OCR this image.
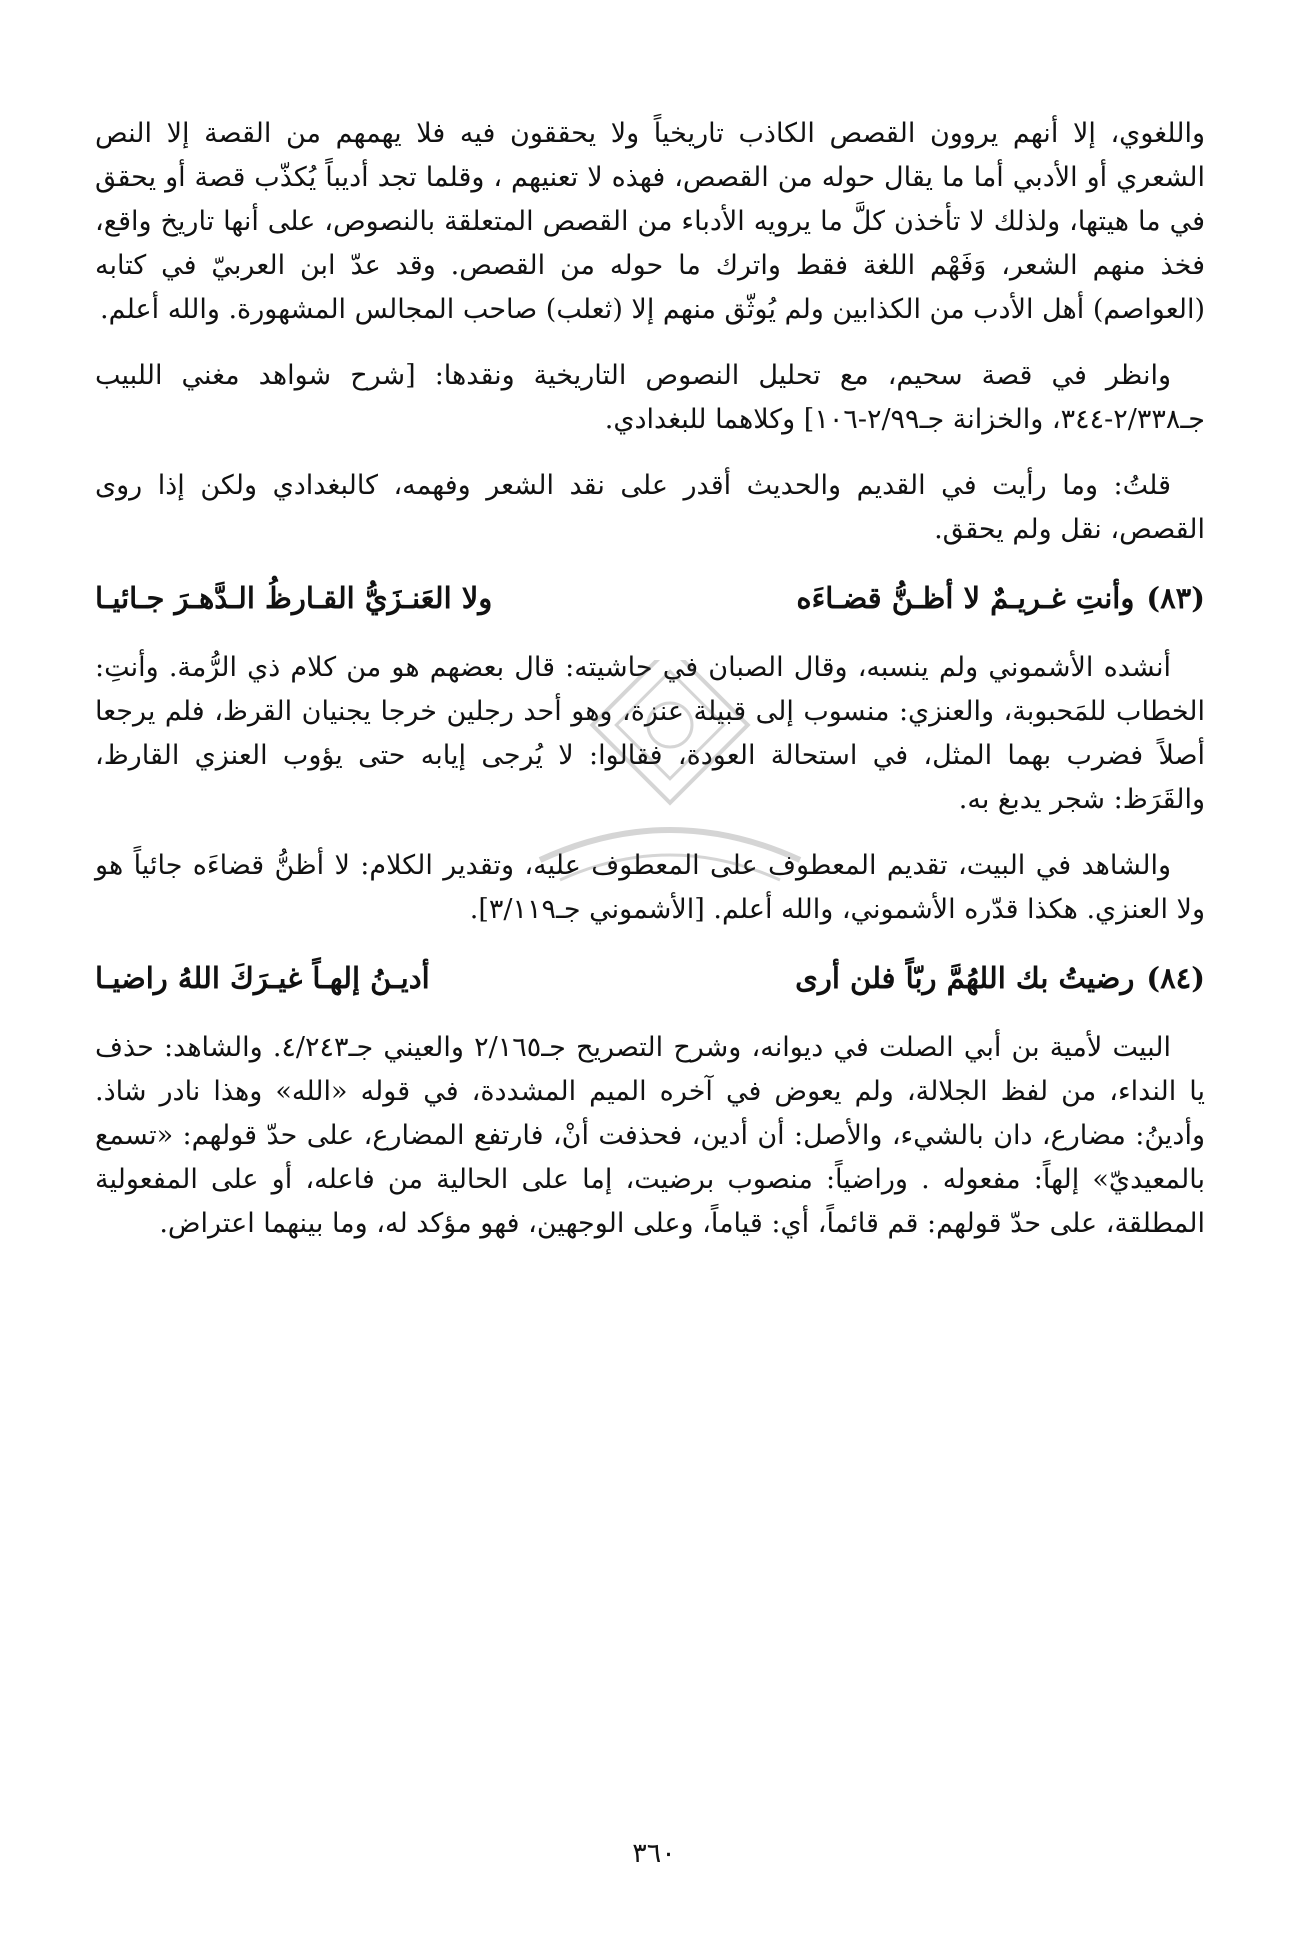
واللغوي، إلا أنهم يروون القصص الكاذب تاريخياً ولا يحققون فيه فلا يهمهم من القصة إلا النص الشعري أو الأدبي أما ما يقال حوله من القصص، فهذه لا تعنيهم ، وقلما تجد أديباً يُكذّب قصة أو يحقق في ما هيتها، ولذلك لا تأخذن كلَّ ما يرويه الأدباء من القصص المتعلقة بالنصوص، على أنها تاريخ واقع، فخذ منهم الشعر، وَفَهْم اللغة فقط واترك ما حوله من القصص. وقد عدّ ابن العربيّ في كتابه (العواصم) أهل الأدب من الكذابين ولم يُوثّق منهم إلا (ثعلب) صاحب المجالس المشهورة. والله أعلم.

وانظر في قصة سحيم، مع تحليل النصوص التاريخية ونقدها: [شرح شواهد مغني اللبيب جـ٢/٣٣٨-٣٤٤، والخزانة جـ٢/٩٩-١٠٦] وكلاهما للبغدادي.

قلتُ: وما رأيت في القديم والحديث أقدر على نقد الشعر وفهمه، كالبغدادي ولكن إذا روى القصص، نقل ولم يحقق.

(٨٣)
وأنتِ غـريـمٌ لا أظـنُّ قضـاءَه
ولا العَنـزَيُّ القـارظُ الـدَّهـرَ جـائيـا

أنشده الأشموني ولم ينسبه، وقال الصبان في حاشيته: قال بعضهم هو من كلام ذي الرُّمة. وأنتِ: الخطاب للمَحبوبة، والعنزي: منسوب إلى قبيلة عنزة، وهو أحد رجلين خرجا يجنيان القرظ، فلم يرجعا أصلاً فضرب بهما المثل، في استحالة العودة، فقالوا: لا يُرجى إيابه حتى يؤوب العنزي القارظ، والقَرَظ: شجر يدبغ به.

والشاهد في البيت، تقديم المعطوف على المعطوف عليه، وتقدير الكلام: لا أظنُّ قضاءَه جائياً هو ولا العنزي. هكذا قدّره الأشموني، والله أعلم. [الأشموني جـ٣/١١٩].

(٨٤)
رضيتُ بك اللهُمَّ ربّاً فلن أرى
أديـنُ إلهـاً غيـرَكَ اللهُ راضيـا

البيت لأمية بن أبي الصلت في ديوانه، وشرح التصريح جـ٢/١٦٥ والعيني جـ٤/٢٤٣. والشاهد: حذف يا النداء، من لفظ الجلالة، ولم يعوض في آخره الميم المشددة، في قوله «الله» وهذا نادر شاذ. وأدينُ: مضارع، دان بالشيء، والأصل: أن أدين، فحذفت أنْ، فارتفع المضارع، على حدّ قولهم: «تسمع بالمعيديّ» إلهاً: مفعوله . وراضياً: منصوب برضيت، إما على الحالية من فاعله، أو على المفعولية المطلقة، على حدّ قولهم: قم قائماً، أي: قياماً، وعلى الوجهين، فهو مؤكد له، وما بينهما اعتراض.

٣٦٠
